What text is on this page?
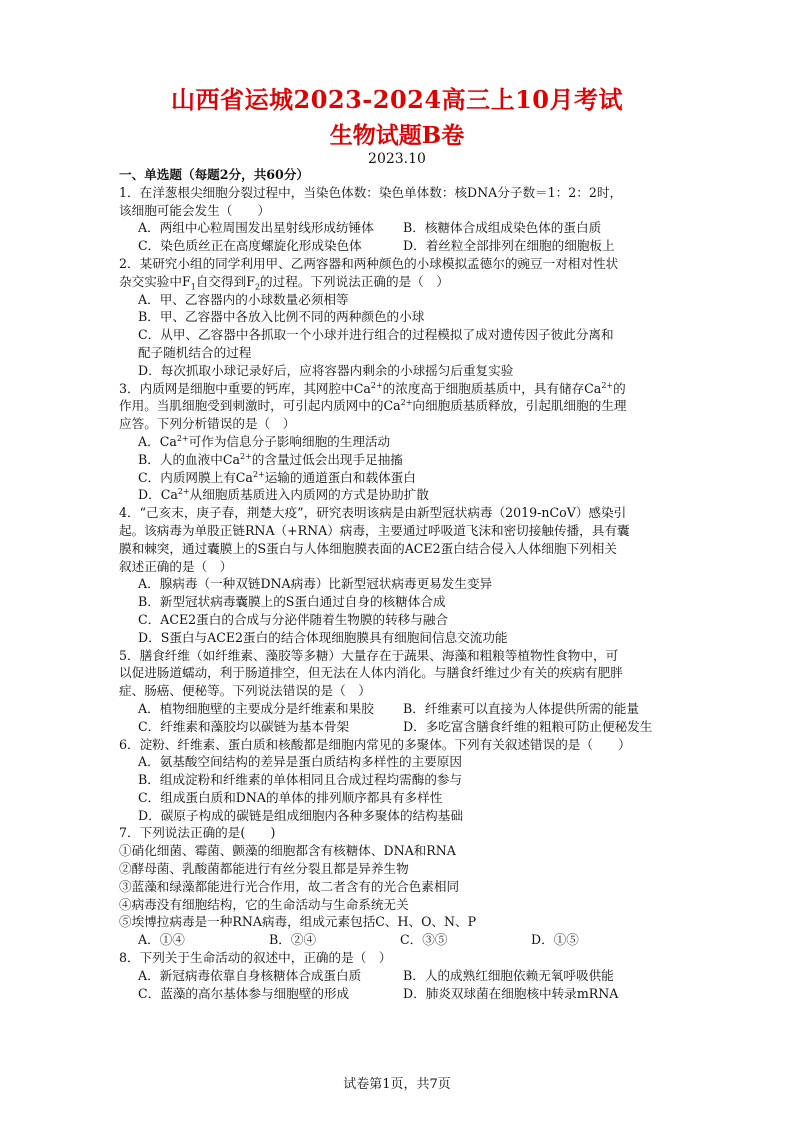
山西省运城2023-2024高三上10月考试
生物试题B卷
2023.10
一、单选题（每题2分，共60分）
1．在洋葱根尖细胞分裂过程中，当染色体数：染色单体数：核DNA分子数＝1：2：2时，
该细胞可能会发生（　　）
A．两组中心粒周围发出星射线形成纺锤体	B．核糖体合成组成染色体的蛋白质
C．染色质丝正在高度螺旋化形成染色体	D．着丝粒全部排列在细胞的细胞板上
2．某研究小组的同学利用甲、乙两容器和两种颜色的小球模拟孟德尔的豌豆一对相对性状
杂交实验中$F_1$自交得到$F_2$的过程。下列说法正确的是（　）
A．甲、乙容器内的小球数量必须相等
B．甲、乙容器中各放入比例不同的两种颜色的小球
C．从甲、乙容器中各抓取一个小球并进行组合的过程模拟了成对遗传因子彼此分离和
配子随机结合的过程
D．每次抓取小球记录好后，应将容器内剩余的小球摇匀后重复实验
3．内质网是细胞中重要的钙库，其网腔中$Ca^{2+}$的浓度高于细胞质基质中，具有储存$Ca^{2+}$的
作用。当肌细胞受到刺激时，可引起内质网中的$Ca^{2+}$向细胞质基质释放，引起肌细胞的生理
应答。下列分析错误的是（　）
A．$Ca^{2+}$可作为信息分子影响细胞的生理活动
B．人的血液中$Ca^{2+}$的含量过低会出现手足抽搐
C．内质网膜上有$Ca^{2+}$运输的通道蛋白和载体蛋白
D．$Ca^{2+}$从细胞质基质进入内质网的方式是协助扩散
4．“己亥末，庚子春，荆楚大疫”，研究表明该病是由新型冠状病毒（2019-nCoV）感染引
起。该病毒为单股正链RNA（+RNA）病毒，主要通过呼吸道飞沫和密切接触传播，具有囊
膜和棘突，通过囊膜上的S蛋白与人体细胞膜表面的ACE2蛋白结合侵入人体细胞下列相关
叙述正确的是（　）
A．腺病毒（一种双链DNA病毒）比新型冠状病毒更易发生变异
B．新型冠状病毒囊膜上的S蛋白通过自身的核糖体合成
C．ACE2蛋白的合成与分泌伴随着生物膜的转移与融合
D．S蛋白与ACE2蛋白的结合体现细胞膜具有细胞间信息交流功能
5．膳食纤维（如纤维素、藻胶等多糖）大量存在于蔬果、海藻和粗粮等植物性食物中，可
以促进肠道蠕动，利于肠道排空，但无法在人体内消化。与膳食纤维过少有关的疾病有肥胖
症、肠癌、便秘等。下列说法错误的是（　）
A．植物细胞壁的主要成分是纤维素和果胶	B．纤维素可以直接为人体提供所需的能量
C．纤维素和藻胶均以碳链为基本骨架	D．多吃富含膳食纤维的粗粮可防止便秘发生
6．淀粉、纤维素、蛋白质和核酸都是细胞内常见的多聚体。下列有关叙述错误的是（　　）
A．氨基酸空间结构的差异是蛋白质结构多样性的主要原因
B．组成淀粉和纤维素的单体相同且合成过程均需酶的参与
C．组成蛋白质和DNA的单体的排列顺序都具有多样性
D．碳原子构成的碳链是组成细胞内各种多聚体的结构基础
7．下列说法正确的是(　　)
①硝化细菌、霉菌、颤藻的细胞都含有核糖体、DNA和RNA
②酵母菌、乳酸菌都能进行有丝分裂且都是异养生物
③蓝藻和绿藻都能进行光合作用，故二者含有的光合色素相同
④病毒没有细胞结构，它的生命活动与生命系统无关
⑤埃博拉病毒是一种RNA病毒，组成元素包括C、H、O、N、P
A．①④	B．②④	C．③⑤	D．①⑤
8．下列关于生命活动的叙述中，正确的是（　）
A．新冠病毒依靠自身核糖体合成蛋白质	B．人的成熟红细胞依赖无氧呼吸供能
C．蓝藻的高尔基体参与细胞壁的形成	D．肺炎双球菌在细胞核中转录mRNA
试卷第1页，共7页
